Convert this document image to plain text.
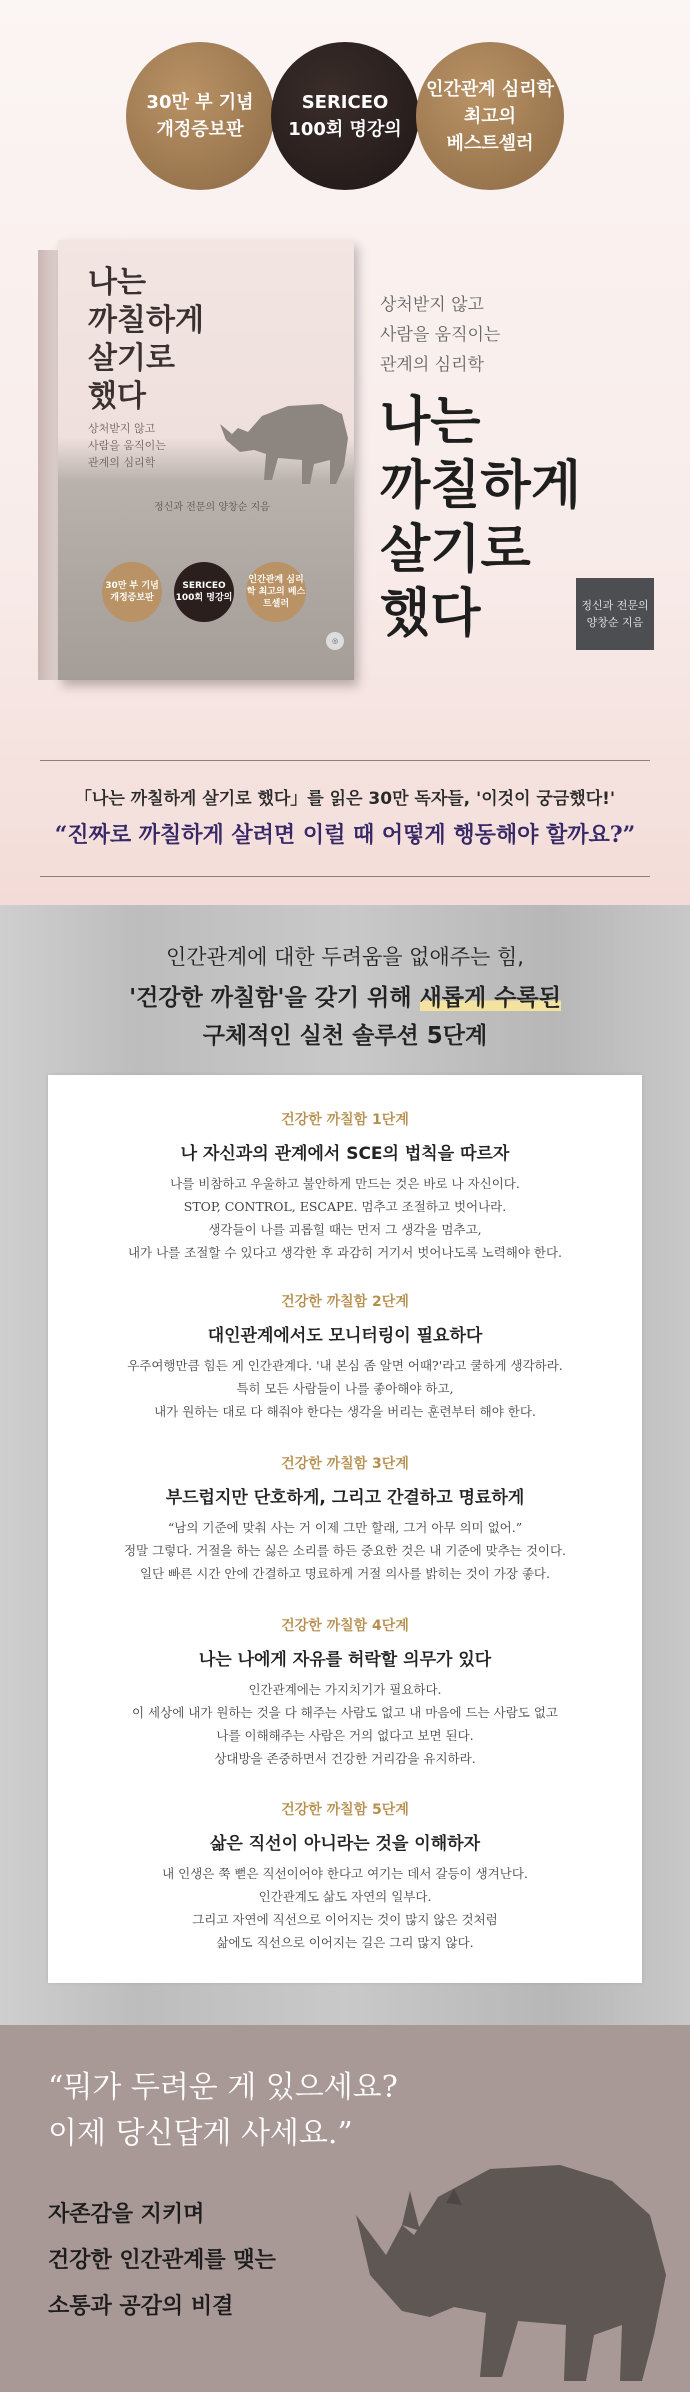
30만 부 기념
개정증보판
SERICEO
100회 명강의
인간관계 심리학
최고의
베스트셀러
나는
까칠하게
살기로
했다
상처받지 않고
사람을 움직이는
관계의 심리학
정신과 전문의 양창순 지음
30만 부 기념 개정증보판
SERICEO 100회 명강의
인간관계 심리학 최고의 베스트셀러
◎
상처받지 않고
사람을 움직이는
관계의 심리학
나는
까칠하게
살기로
했다	정신과 전문의
양창순 지음
「나는 까칠하게 살기로 했다」를 읽은 30만 독자들, '이것이 궁금했다!'
“진짜로 까칠하게 살려면 이럴 때 어떻게 행동해야 할까요?”
인간관계에 대한 두려움을 없애주는 힘,
'건강한 까칠함'을 갖기 위해 새롭게 수록된
구체적인 실천 솔루션 5단계
건강한 까칠함 1단계
나 자신과의 관계에서 SCE의 법칙을 따르자
나를 비참하고 우울하고 불안하게 만드는 것은 바로 나 자신이다.
STOP, CONTROL, ESCAPE. 멈추고 조절하고 벗어나라.
생각들이 나를 괴롭힐 때는 먼저 그 생각을 멈추고,
내가 나를 조절할 수 있다고 생각한 후 과감히 거기서 벗어나도록 노력해야 한다.
건강한 까칠함 2단계
대인관계에서도 모니터링이 필요하다
우주여행만큼 힘든 게 인간관계다. '내 본심 좀 알면 어때?'라고 쿨하게 생각하라.
특히 모든 사람들이 나를 좋아해야 하고,
내가 원하는 대로 다 해줘야 한다는 생각을 버리는 훈련부터 해야 한다.
건강한 까칠함 3단계
부드럽지만 단호하게, 그리고 간결하고 명료하게
“남의 기준에 맞춰 사는 거 이제 그만 할래, 그거 아무 의미 없어.”
정말 그렇다. 거절을 하는 싫은 소리를 하든 중요한 것은 내 기준에 맞추는 것이다.
일단 빠른 시간 안에 간결하고 명료하게 거절 의사를 밝히는 것이 가장 좋다.
건강한 까칠함 4단계
나는 나에게 자유를 허락할 의무가 있다
인간관계에는 가지치기가 필요하다.
이 세상에 내가 원하는 것을 다 해주는 사람도 없고 내 마음에 드는 사람도 없고
나를 이해해주는 사람은 거의 없다고 보면 된다.
상대방을 존중하면서 건강한 거리감을 유지하라.
건강한 까칠함 5단계
삶은 직선이 아니라는 것을 이해하자
내 인생은 쭉 뻗은 직선이어야 한다고 여기는 데서 갈등이 생겨난다.
인간관계도 삶도 자연의 일부다.
그리고 자연에 직선으로 이어지는 것이 많지 않은 것처럼
삶에도 직선으로 이어지는 길은 그리 많지 않다.
“뭐가 두려운 게 있으세요?
이제 당신답게 사세요.”
자존감을 지키며
건강한 인간관계를 맺는
소통과 공감의 비결
